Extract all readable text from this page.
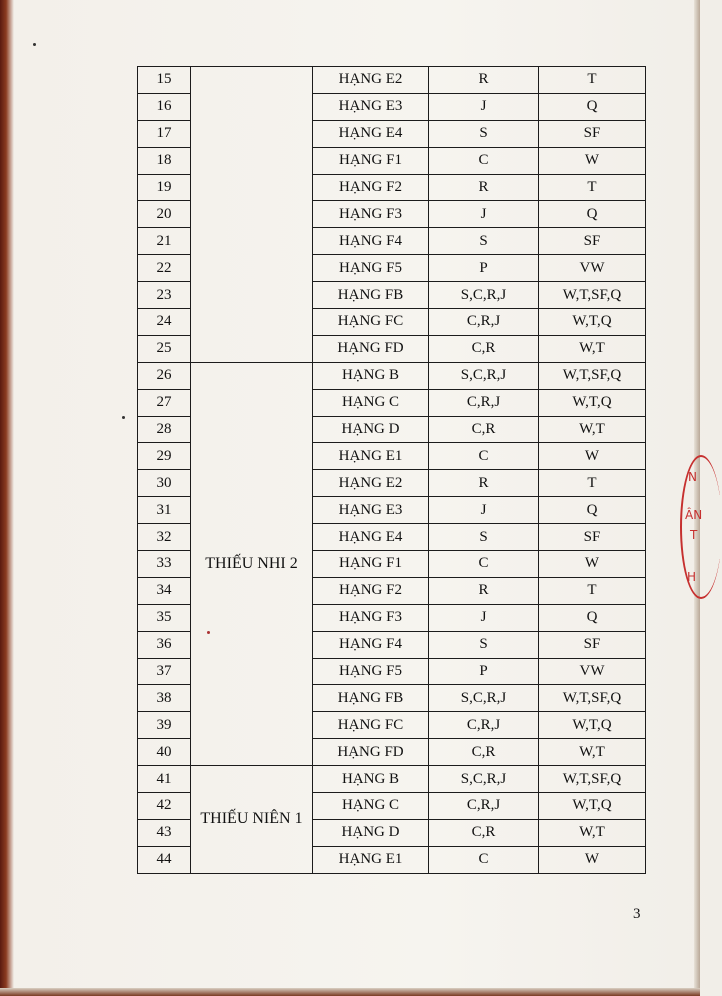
15		HẠNG E2	R	T
16		HẠNG E3	J	Q
17		HẠNG E4	S	SF
18		HẠNG F1	C	W
19		HẠNG F2	R	T
20		HẠNG F3	J	Q
21		HẠNG F4	S	SF
22		HẠNG F5	P	VW
23		HẠNG FB	S,C,R,J	W,T,SF,Q
24		HẠNG FC	C,R,J	W,T,Q
25		HẠNG FD	C,R	W,T
26	THIẾU NHI 2	HẠNG B	S,C,R,J	W,T,SF,Q
27		HẠNG C	C,R,J	W,T,Q
28		HẠNG D	C,R	W,T
29		HẠNG E1	C	W
30		HẠNG E2	R	T
31		HẠNG E3	J	Q
32		HẠNG E4	S	SF
33		HẠNG F1	C	W
34		HẠNG F2	R	T
35		HẠNG F3	J	Q
36		HẠNG F4	S	SF
37		HẠNG F5	P	VW
38		HẠNG FB	S,C,R,J	W,T,SF,Q
39		HẠNG FC	C,R,J	W,T,Q
40		HẠNG FD	C,R	W,T
41	THIẾU NIÊN 1	HẠNG B	S,C,R,J	W,T,SF,Q
42		HẠNG C	C,R,J	W,T,Q
43		HẠNG D	C,R	W,T
44		HẠNG E1	C	W
3
N
ÂN
T
H
